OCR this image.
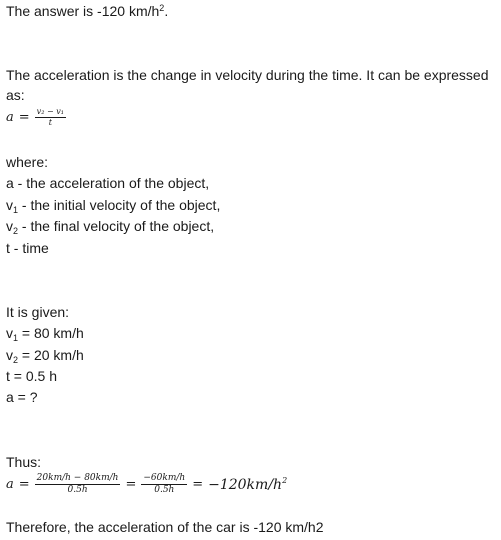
The answer is -120 $km/h^2$.
The acceleration is the change in velocity during the time. It can be expressed as:
$a = \frac{\text{v₂ − v₁}}{t}$
where:
a - the acceleration of the object,
$v_1$ - the initial velocity of the object,
$v_2$ - the final velocity of the object,
t - time
It is given:
$v_1 = 80$ km/h
$v_2 = 20$ km/h
t = 0.5 h
a = ?
Thus:
$a = \frac{20km/h - 80km/h}{0.5h} = \frac{-60km/h}{0.5h} = -120km/h^2$
Therefore, the acceleration of the car is -120 km/h2
